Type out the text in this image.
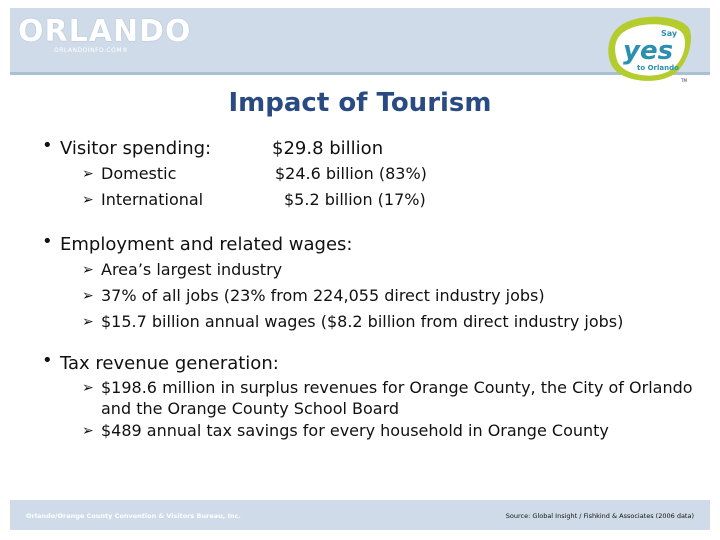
ORLANDO
ORLANDOINFO.COM®
Say
yes
to Orlando
TM
Impact of Tourism
• Visitor spending:	$29.8 billion
➢ Domestic	$24.6 billion (83%)
➢ International	$5.2 billion (17%)
• Employment and related wages:
➢ Area’s largest industry
➢ 37% of all jobs (23% from 224,055 direct industry jobs)
➢ $15.7 billion annual wages ($8.2 billion from direct industry jobs)
• Tax revenue generation:
➢ $198.6 million in surplus revenues for Orange County, the City of Orlando
and the Orange County School Board
➢ $489 annual tax savings for every household in Orange County
Orlando/Orange County Convention & Visitors Bureau, Inc.	Source: Global Insight / Fishkind & Associates (2006 data)
